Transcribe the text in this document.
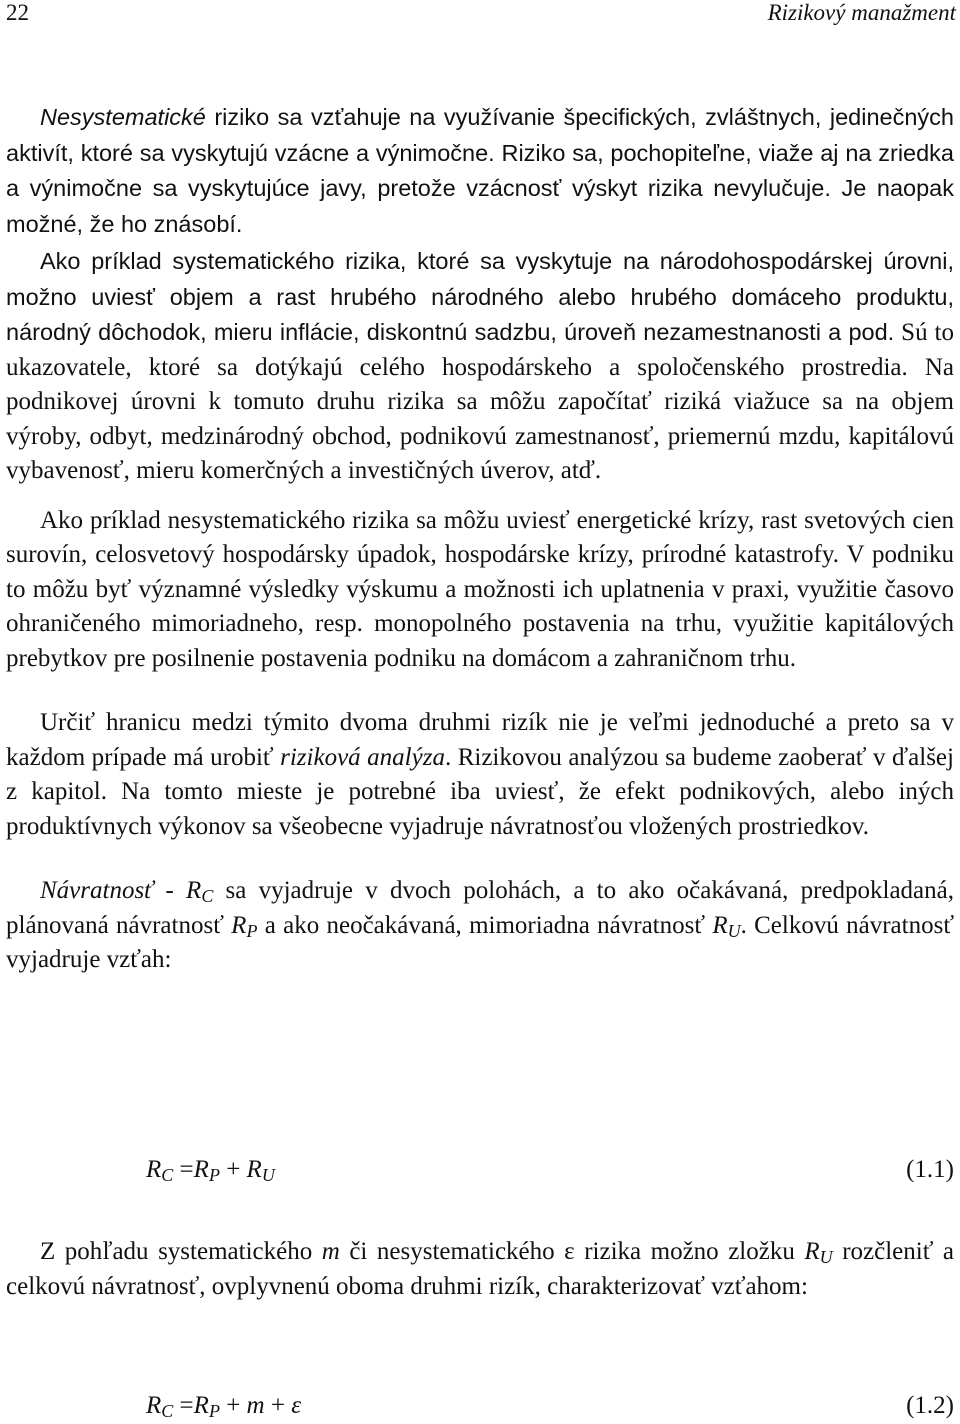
22	Rizikový manažment

Nesystematické riziko sa vzťahuje na využívanie špecifických, zvláštnych, jedinečných aktivít, ktoré sa vyskytujú vzácne a výnimočne. Riziko sa, pochopiteľne, viaže aj na zriedka a výnimočne sa vyskytujúce javy, pretože vzácnosť výskyt rizika nevylučuje. Je naopak možné, že ho znásobí.

Ako príklad systematického rizika, ktoré sa vyskytuje na národohospodárskej úrovni, možno uviesť objem a rast hrubého národného alebo hrubého domáceho produktu, národný dôchodok, mieru inflácie, diskontnú sadzbu, úroveň nezamestnanosti a pod. Sú to ukazovatele, ktoré sa dotýkajú celého hospodárskeho a spoločenského prostredia. Na podnikovej úrovni k tomuto druhu rizika sa môžu započítať riziká viažuce sa na objem výroby, odbyt, medzinárodný obchod, podnikovú zamestnanosť, priemernú mzdu, kapitálovú vybavenosť, mieru komerčných a investičných úverov, atď.

Ako príklad nesystematického rizika sa môžu uviesť energetické krízy, rast svetových cien surovín, celosvetový hospodársky úpadok, hospodárske krízy, prírodné katastrofy. V podniku to môžu byť významné výsledky výskumu a možnosti ich uplatnenia v praxi, využitie časovo ohraničeného mimoriadneho, resp. monopolného postavenia na trhu, využitie kapitálových prebytkov pre posilnenie postavenia podniku na domácom a zahraničnom trhu.

Určiť hranicu medzi týmito dvoma druhmi rizík nie je veľmi jednoduché a preto sa v každom prípade má urobiť riziková analýza. Rizikovou analýzou sa budeme zaoberať v ďalšej z kapitol. Na tomto mieste je potrebné iba uviesť, že efekt podnikových, alebo iných produktívnych výkonov sa všeobecne vyjadruje návratnosťou vložených prostriedkov.

Návratnosť - $R_C$ sa vyjadruje v dvoch polohách, a to ako očakávaná, predpokladaná, plánovaná návratnosť $R_P$ a ako neočakávaná, mimoriadna návratnosť $R_U$. Celkovú návratnosť vyjadruje vzťah:

$R_C =R_P + R_U$	(1.1)

Z pohľadu systematického m či nesystematického ε rizika možno zložku $R_U$ rozčleniť a celkovú návratnosť, ovplyvnenú oboma druhmi rizík, charakterizovať vzťahom:

$R_C =R_P + m + \varepsilon$	(1.2)
